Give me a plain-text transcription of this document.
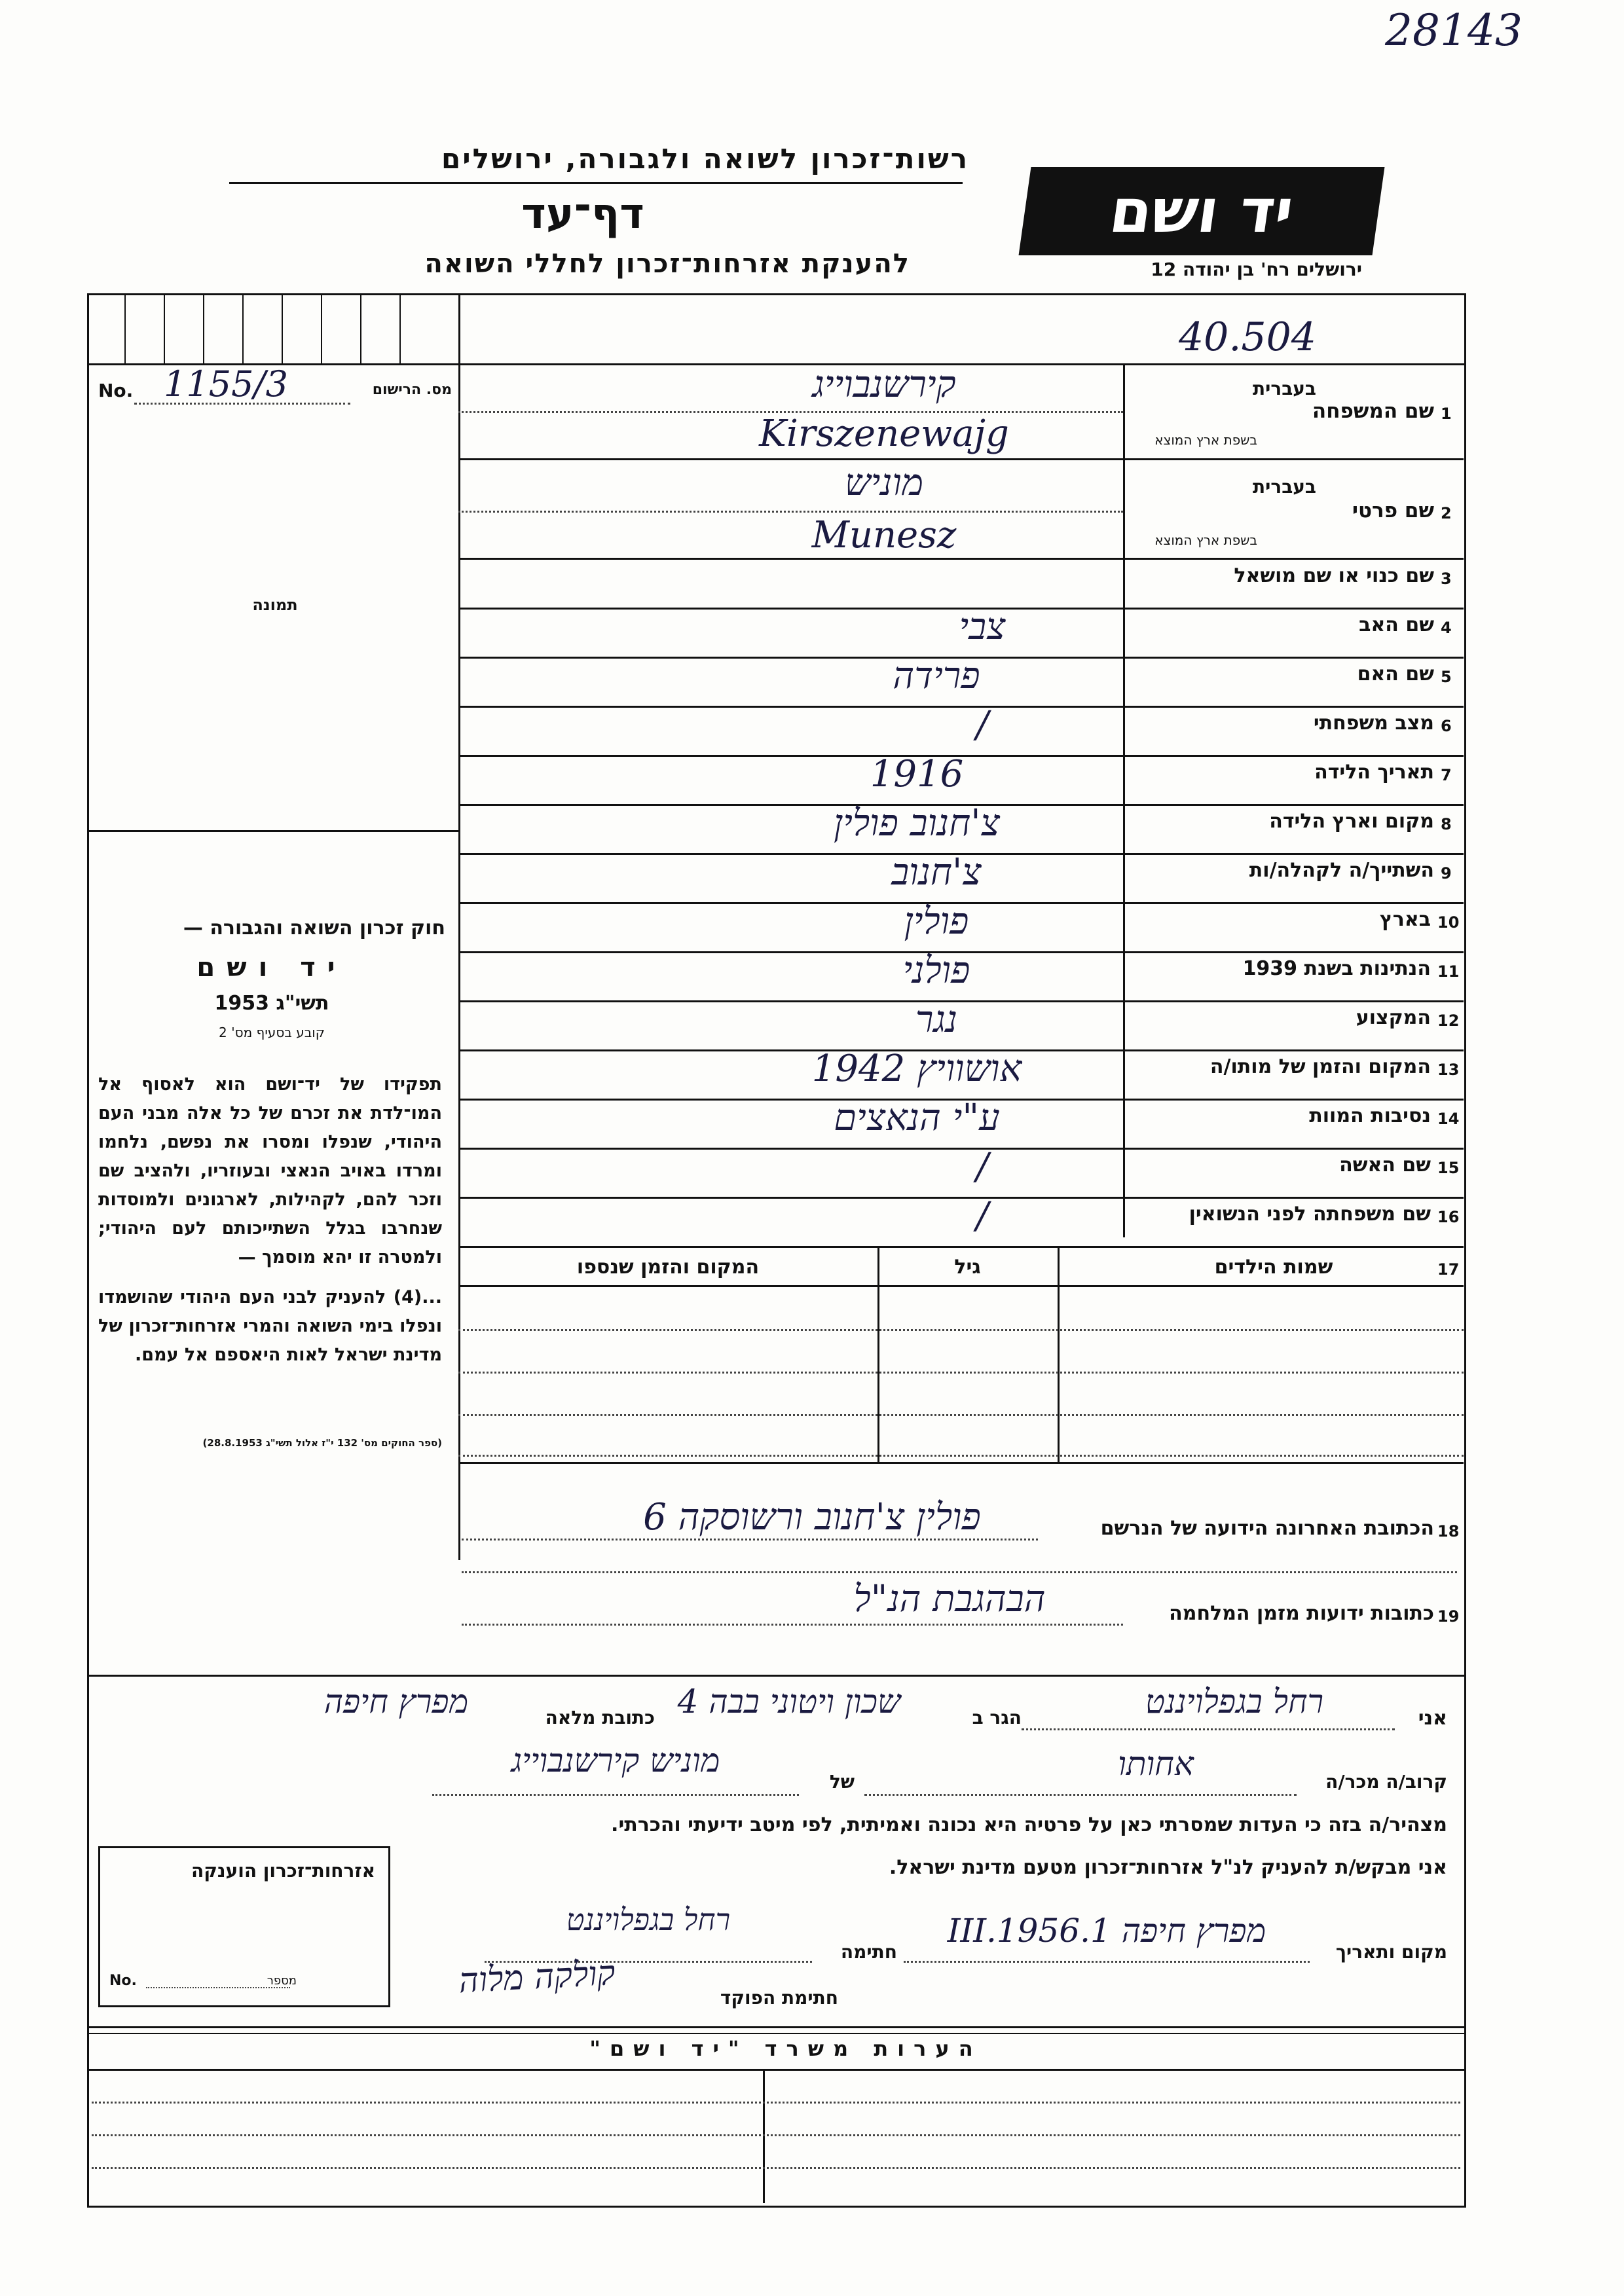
28143
רשות־זכרון לשואה ולגבורה, ירושלים
דף־עד
להענקת אזרחות־זכרון לחללי השואה
יד ושם
ירושלים רח' בן יהודה 12
40.504
No. 1155/3	מס. הרישום
תמונה
1
שם המשפחה
בעברית
בשפת ארץ המוצא
קירשנבוייג
Kirszenewajg
2
שם פרטי
בעברית
בשפת ארץ המוצא
מוניש
Munesz
3
שם כנוי או שם מושאל
4
שם האב
צבי
5
שם האם
פרידה
6
מצב משפחתי
/
7
תאריך הלידה
1916
8
מקום וארץ הלידה
צ'חנוב פולין
9
השתייך/ה לקהלה/ות
צ'חנוב
10
בארץ
פולין
11
הנתינות בשנת 1939
פולני
12
המקצוע
נגר
13
המקום והזמן של מותו/ה
אושוויץ 1942
14
נסיבות המוות
ע"י הנאצים
15
שם האשה
/
16
שם משפחתה לפני הנשואין
/
17
שמות הילדים
גיל
המקום והזמן שנספו
18
הכתובת האחרונה הידועה של הנרשם
פולין צ'חנוב ורשוסקה 6
19
כתובות ידועות מזמן המלחמה
הבהגבת הנ"ל
חוק זכרון השואה והגבורה —
יד ושם
תשי"ג 1953
קובע בסעיף מס' 2
תפקידו של יד־ושם הוא לאסוף אל המו־לדת את זכרם של כל אלה מבני העם היהודי, שנפלו ומסרו את נפשם, נלחמו ומרדו באויב הנאצי ובעוזריו, ולהציב שם וזכר להם, לקהילות, לארגונים ולמוסדות שנחרבו בגלל השתייכותם לעם היהודי; ולמטרה זו יהא מוסמך —
...(4) להעניק לבני העם היהודי שהושמדו ונפלו בימי השואה והמרי אזרחות־זכרון של מדינת ישראל לאות היאספם אל עמם.
(ספר החוקים מס' 132 י"ז אלול תשי"ג 28.8.1953)
אני
רחל בגפלויננט
הגר ב
שכון ויטוני בבה 4
כתובת מלאה
מפרץ חיפה
קרוב/ה מכר/ה
אחותו
של
מוניש קירשנבוייג
מצהיר/ה בזה כי העדות שמסרתי כאן על פרטיה היא נכונה ואמיתית, לפי מיטב ידיעתי והכרתי.
אני מבקש/ת להעניק לנ"ל אזרחות־זכרון מטעם מדינת ישראל.
מקום ותאריך
מפרץ חיפה 1.III.1956
חתימה
רחל בגפלויננט
חתימת הפוקד
קולקה מלוה
אזרחות־זכרון הוענקה
No.	מספר
הערות משרד "יד ושם"
